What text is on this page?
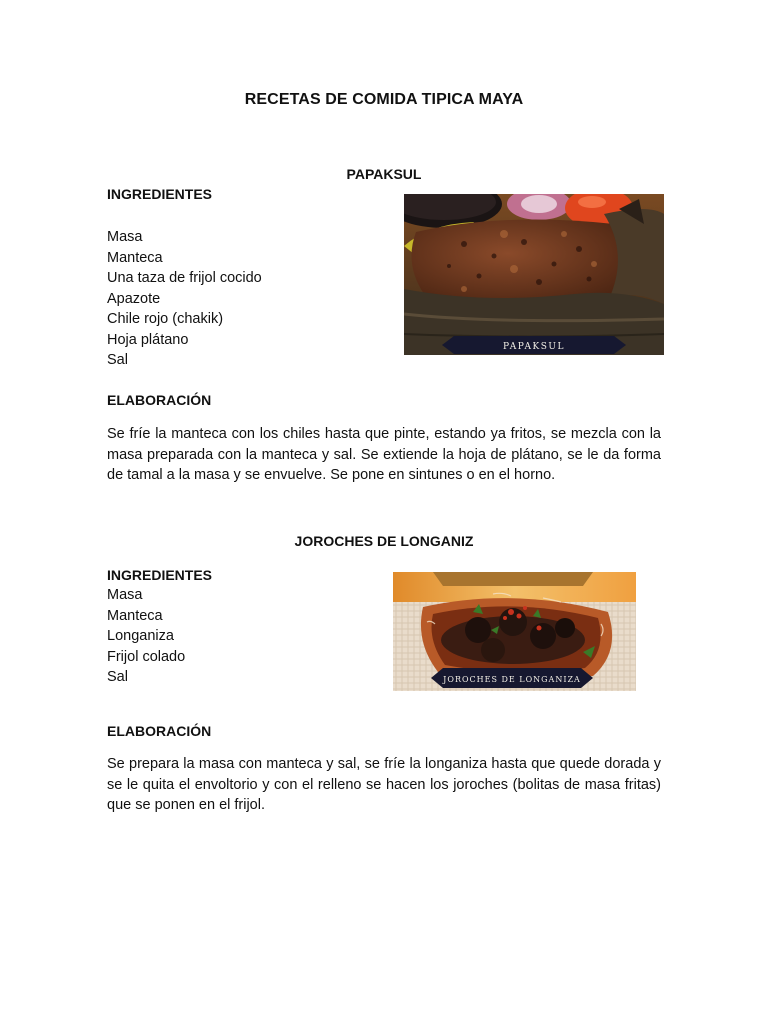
RECETAS DE COMIDA TIPICA MAYA
PAPAKSUL
INGREDIENTES
Masa
Manteca
Una taza de frijol cocido
Apazote
Chile rojo (chakik)
Hoja plátano
Sal
PAPAKSUL
ELABORACIÓN

Se fríe la manteca con los chiles hasta que pinte, estando ya fritos, se mezcla con la masa preparada con la manteca y sal. Se extiende la hoja de plátano, se le da forma de tamal a la masa y se envuelve. Se pone en sintunes o en el horno.

JOROCHES DE LONGANIZ
INGREDIENTES
Masa
Manteca
Longaniza
Frijol colado
Sal	JOROCHES DE LONGANIZA
ELABORACIÓN

Se prepara la masa con manteca y sal, se fríe la longaniza hasta que quede dorada y se le quita el envoltorio y con el relleno se hacen los joroches (bolitas de masa fritas) que se ponen en el frijol.
